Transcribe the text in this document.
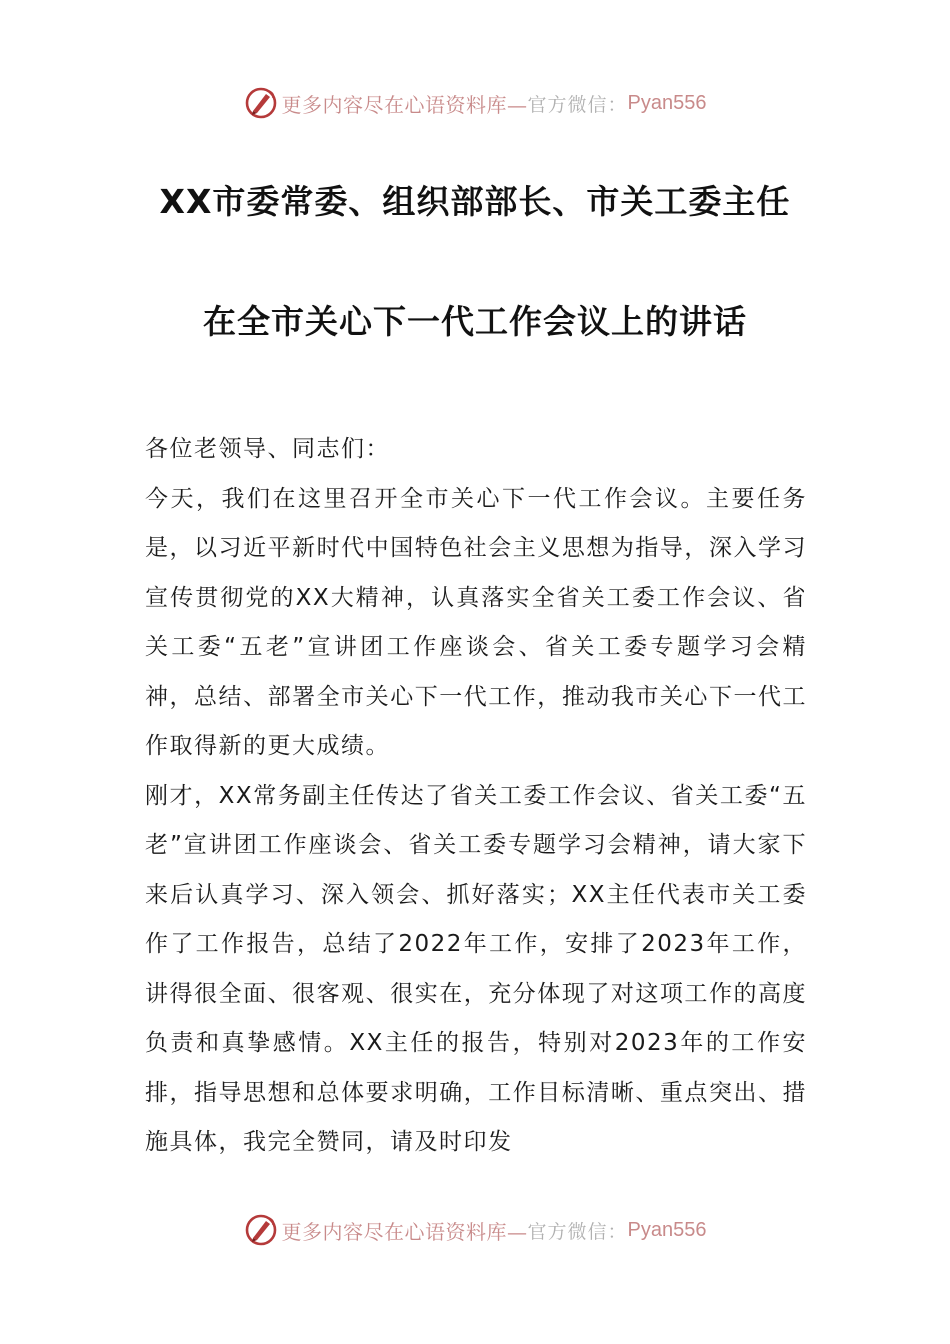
更多内容尽在心语资料库— 官方微信： Pyan556
XX市委常委、组织部部长、市关工委主任
在全市关心下一代工作会议上的讲话

各位老领导、同志们：

今天，我们在这里召开全市关心下一代工作会议。主要任务是，以习近平新时代中国特色社会主义思想为指导，深入学习宣传贯彻党的XX大精神，认真落实全省关工委工作会议、省关工委“五老”宣讲团工作座谈会、省关工委专题学习会精神，总结、部署全市关心下一代工作，推动我市关心下一代工作取得新的更大成绩。

刚才，XX常务副主任传达了省关工委工作会议、省关工委“五老”宣讲团工作座谈会、省关工委专题学习会精神，请大家下来后认真学习、深入领会、抓好落实；XX主任代表市关工委作了工作报告，总结了2022年工作，安排了2023年工作，讲得很全面、很客观、很实在，充分体现了对这项工作的高度负责和真挚感情。XX主任的报告，特别对2023年的工作安排，指导思想和总体要求明确，工作目标清晰、重点突出、措施具体，我完全赞同，请及时印发

更多内容尽在心语资料库— 官方微信： Pyan556
